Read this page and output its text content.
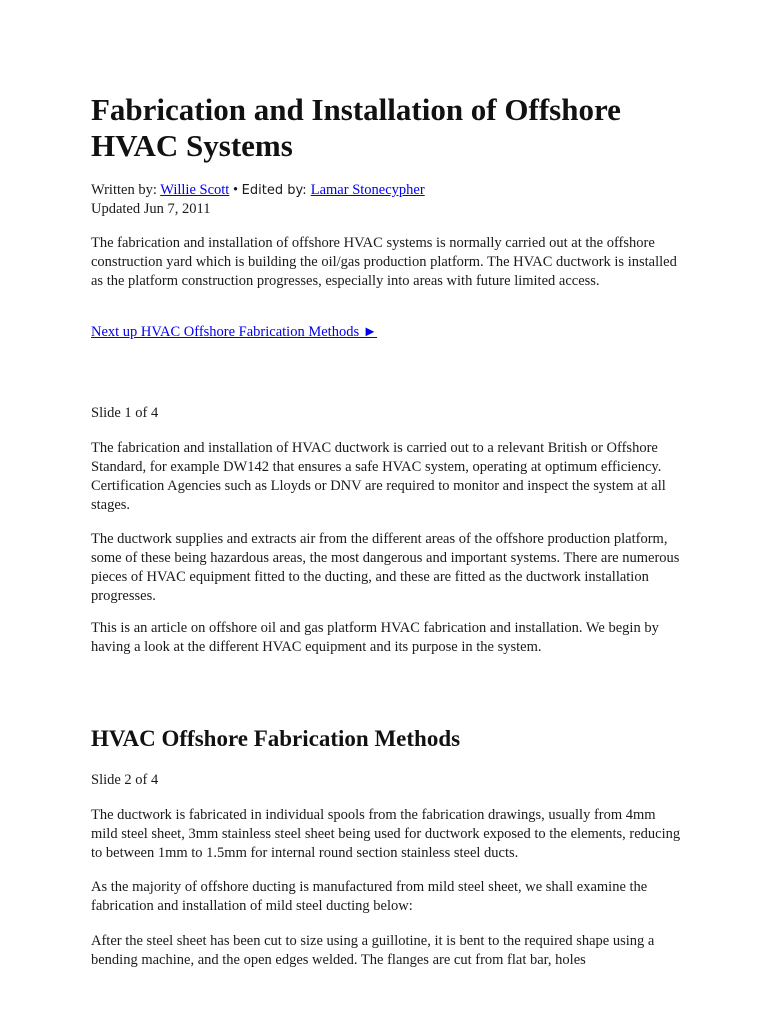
Fabrication and Installation of Offshore HVAC Systems
Written by: Willie Scott • Edited by: Lamar Stonecypher
Updated Jun 7, 2011

The fabrication and installation of offshore HVAC systems is normally carried out at the offshore construction yard which is building the oil/gas production platform. The HVAC ductwork is installed as the platform construction progresses, especially into areas with future limited access.

Next up HVAC Offshore Fabrication Methods ►
Slide 1 of 4

The fabrication and installation of HVAC ductwork is carried out to a relevant British or Offshore Standard, for example DW142 that ensures a safe HVAC system, operating at optimum efficiency. Certification Agencies such as Lloyds or DNV are required to monitor and inspect the system at all stages.

The ductwork supplies and extracts air from the different areas of the offshore production platform, some of these being hazardous areas, the most dangerous and important systems. There are numerous pieces of HVAC equipment fitted to the ducting, and these are fitted as the ductwork installation progresses.

This is an article on offshore oil and gas platform HVAC fabrication and installation. We begin by having a look at the different HVAC equipment and its purpose in the system.

HVAC Offshore Fabrication Methods
Slide 2 of 4

The ductwork is fabricated in individual spools from the fabrication drawings, usually from 4mm mild steel sheet, 3mm stainless steel sheet being used for ductwork exposed to the elements, reducing to between 1mm to 1.5mm for internal round section stainless steel ducts.

As the majority of offshore ducting is manufactured from mild steel sheet, we shall examine the fabrication and installation of mild steel ducting below:

After the steel sheet has been cut to size using a guillotine, it is bent to the required shape using a bending machine, and the open edges welded. The flanges are cut from flat bar, holes
